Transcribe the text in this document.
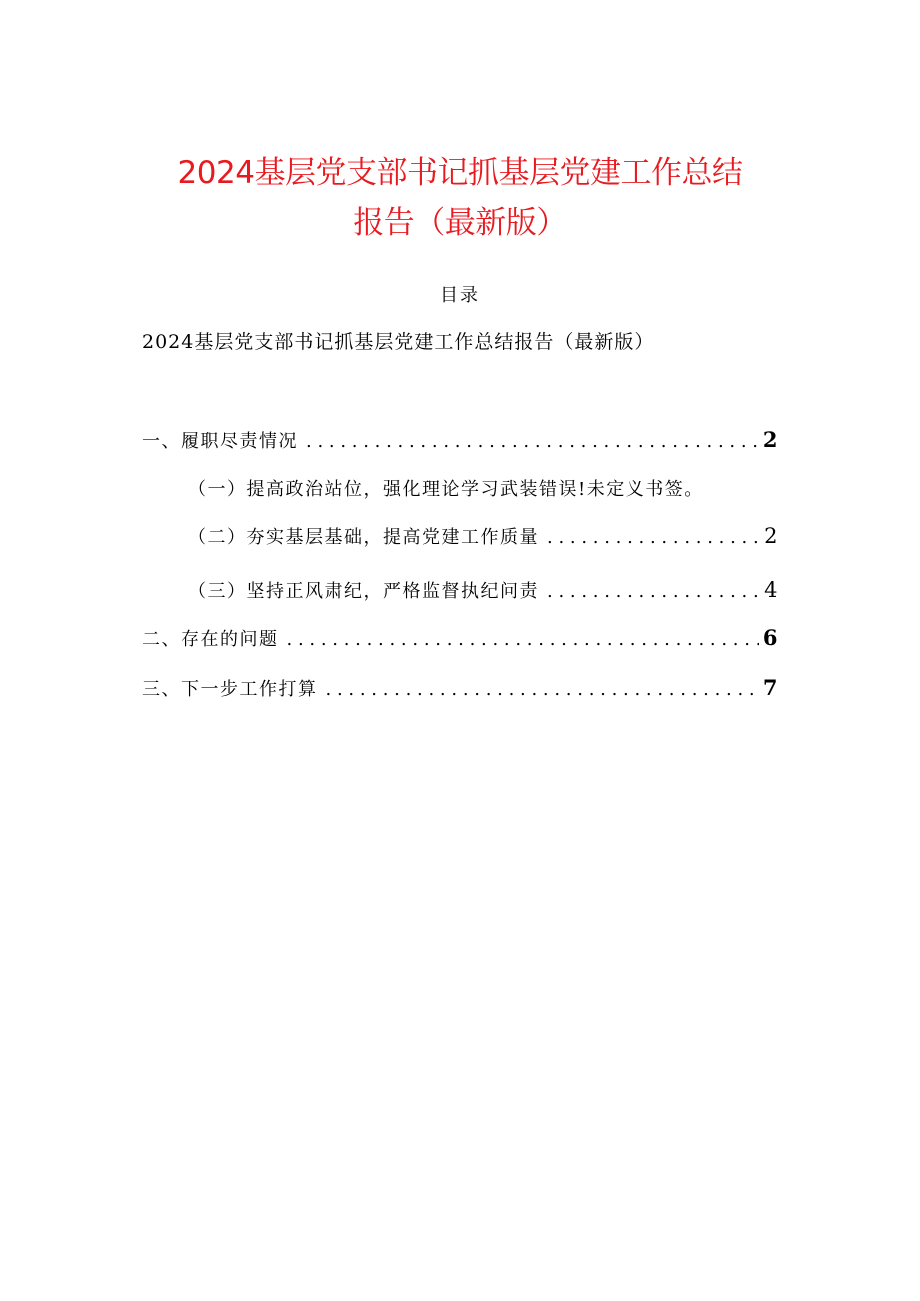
2024基层党支部书记抓基层党建工作总结
报告（最新版）
目录
2024基层党支部书记抓基层党建工作总结报告（最新版）
一、履职尽责情况 . . .	2
（一）提高政治站位，强化理论学习武装错误!未定义书签。
（二）夯实基层基础，提高党建工作质量 . . .	2
（三）坚持正风肃纪，严格监督执纪问责 . . .	4
二、存在的问题 . . .	6
三、下一步工作打算 . . .	7
